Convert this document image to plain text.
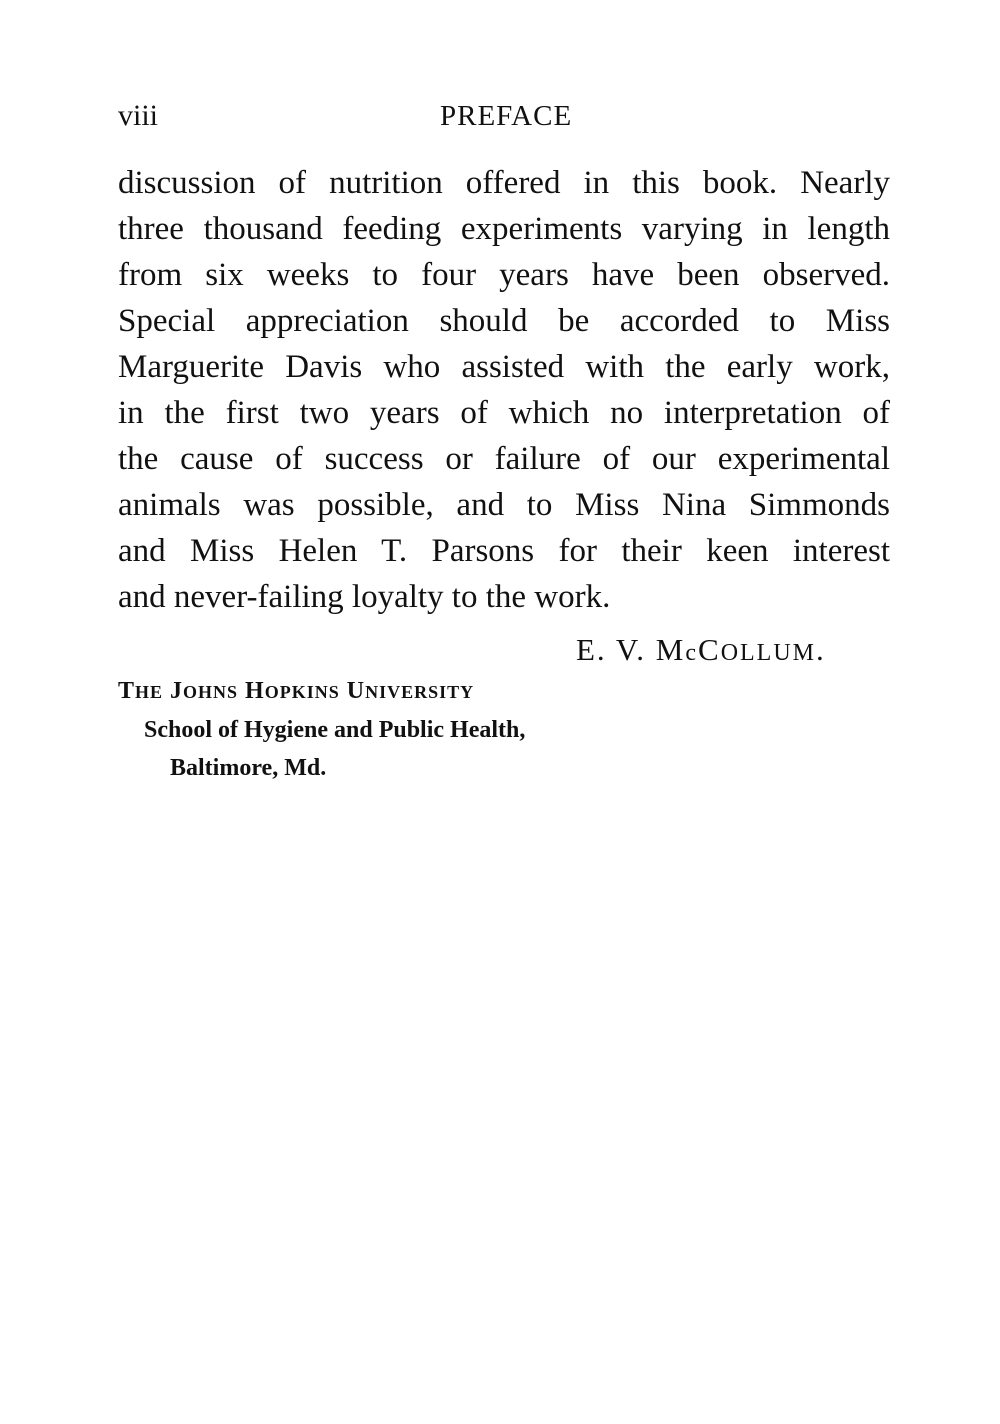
viii	PREFACE
discussion of nutrition offered in this book. Nearly
three thousand feeding experiments varying in length
from six weeks to four years have been observed.
Special appreciation should be accorded to Miss
Marguerite Davis who assisted with the early work,
in the first two years of which no interpretation of
the cause of success or failure of our experimental
animals was possible, and to Miss Nina Simmonds
and Miss Helen T. Parsons for their keen interest
and never-failing loyalty to the work.
E. V. McCOLLUM.
THE JOHNS HOPKINS UNIVERSITY
School of Hygiene and Public Health,
Baltimore, Md.
